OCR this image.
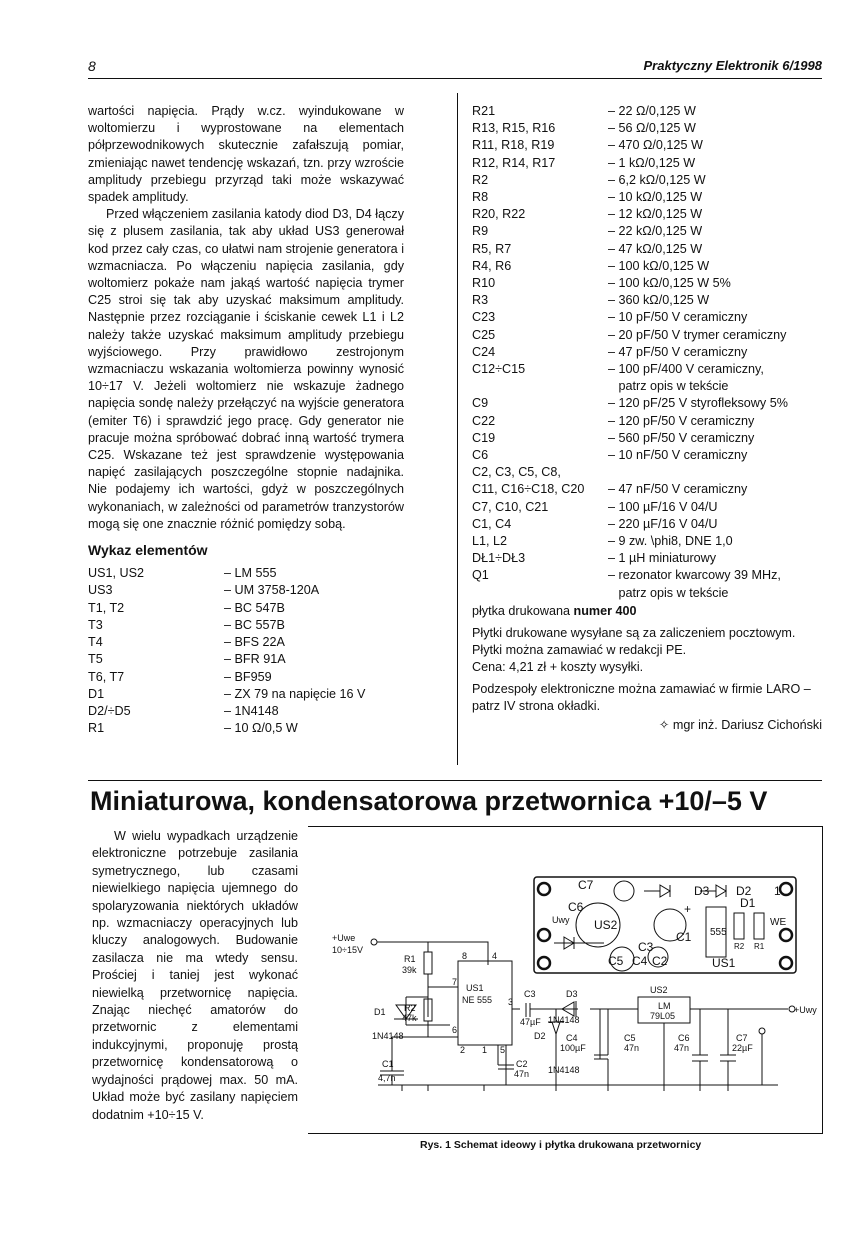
8	Praktyczny Elektronik 6/1998

wartości napięcia. Prądy w.cz. wyindukowane w woltomierzu i wyprostowane na elementach półprzewodnikowych skutecznie zafałszują pomiar, zmieniając nawet tendencję wskazań, tzn. przy wzroście amplitudy przebiegu przyrząd taki może wskazywać spadek amplitudy.

Przed włączeniem zasilania katody diod D3, D4 łączy się z plusem zasilania, tak aby układ US3 generował kod przez cały czas, co ułatwi nam strojenie generatora i wzmacniacza. Po włączeniu napięcia zasilania, gdy woltomierz pokaże nam jakąś wartość napięcia trymer C25 stroi się tak aby uzyskać maksimum amplitudy. Następnie przez rozciąganie i ściskanie cewek L1 i L2 należy także uzyskać maksimum amplitudy przebiegu wyjściowego. Przy prawidłowo zestrojonym wzmacniaczu wskazania woltomierza powinny wynosić 10÷17 V. Jeżeli woltomierz nie wskazuje żadnego napięcia sondę należy przełączyć na wyjście generatora (emiter T6) i sprawdzić jego pracę. Gdy generator nie pracuje można spróbować dobrać inną wartość trymera C25. Wskazane też jest sprawdzenie występowania napięć zasilających poszczególne stopnie nadajnika. Nie podajemy ich wartości, gdyż w poszczególnych wykonaniach, w zależności od parametrów tranzystorów mogą się one znacznie różnić pomiędzy sobą.

Wykaz elementów
US1, US2	– LM 555
US3	– UM 3758-120A
T1, T2	– BC 547B
T3	– BC 557B
T4	– BFS 22A
T5	– BFR 91A
T6, T7	– BF959
D1	– ZX 79 na napięcie 16 V
D2/÷D5	– 1N4148
R1	– 10 Ω/0,5 W
R21	– 22 Ω/0,125 W
R13, R15, R16	– 56 Ω/0,125 W
R11, R18, R19	– 470 Ω/0,125 W
R12, R14, R17	– 1 kΩ/0,125 W
R2	– 6,2 kΩ/0,125 W
R8	– 10 kΩ/0,125 W
R20, R22	– 12 kΩ/0,125 W
R9	– 22 kΩ/0,125 W
R5, R7	– 47 kΩ/0,125 W
R4, R6	– 100 kΩ/0,125 W
R10	– 100 kΩ/0,125 W 5%
R3	– 360 kΩ/0,125 W
C23	– 10 pF/50 V ceramiczny
C25	– 20 pF/50 V trymer ceramiczny
C24	– 47 pF/50 V ceramiczny
C12÷C15	– 100 pF/400 V ceramiczny,
	patrz opis w tekście
C9	– 120 pF/25 V styrofleksowy 5%
C22	– 120 pF/50 V ceramiczny
C19	– 560 pF/50 V ceramiczny
C6	– 10 nF/50 V ceramiczny
C2, C3, C5, C8,	
C11, C16÷C18, C20	– 47 nF/50 V ceramiczny
C7, C10, C21	– 100 µF/16 V 04/U
C1, C4	– 220 µF/16 V 04/U
L1, L2	– 9 zw. \phi8, DNE 1,0
DŁ1÷DŁ3	– 1 µH miniaturowy
Q1	– rezonator kwarcowy 39 MHz,
	patrz opis w tekście

płytka drukowana numer 400

Płytki drukowane wysyłane są za zaliczeniem pocztowym. Płytki można zamawiać w redakcji PE.

Cena: 4,21 zł + koszty wysyłki.

Podzespoły elektroniczne można zamawiać w firmie LARO – patrz IV strona okładki.

✧ mgr inż. Dariusz Cichoński

Miniaturowa, kondensatorowa przetwornica +10/–5 V

W wielu wypadkach urządzenie elektroniczne potrzebuje zasilania symetrycznego, lub czasami niewielkiego napięcia ujemnego do spolaryzowania niektórych układów np. wzmacniaczy operacyjnych lub kluczy analogowych. Budowanie zasilacza nie ma wtedy sensu. Prościej i taniej jest wykonać niewielką przetwornicę napięcia. Znając niechęć amatorów do przetwornic z elementami indukcyjnymi, proponuję prostą przetwornicę kondensatorową o wydajności prądowej max. 50 mA. Układ może być zasilany napięciem dodatnim +10÷15 V.

C7	D3 D2
C6
Uwy US2
D1
WE
C1
C3
C5 C4 C2	US1
555
R2 R1
+
1
+Uwe
10÷15V
+Uwy
R1
39k
R2
47k
D1
1N4148
US1
NE 555 3
7
6
8	4
2 1 5
C1
4,7n
C2
47n
C3
47µF
D3
1N4148
D2
1N4148
C4
100µF
C5
47n
US2
LM
79L05
C6
47n
C7
22µF
Rys. 1 Schemat ideowy i płytka drukowana przetwornicy
